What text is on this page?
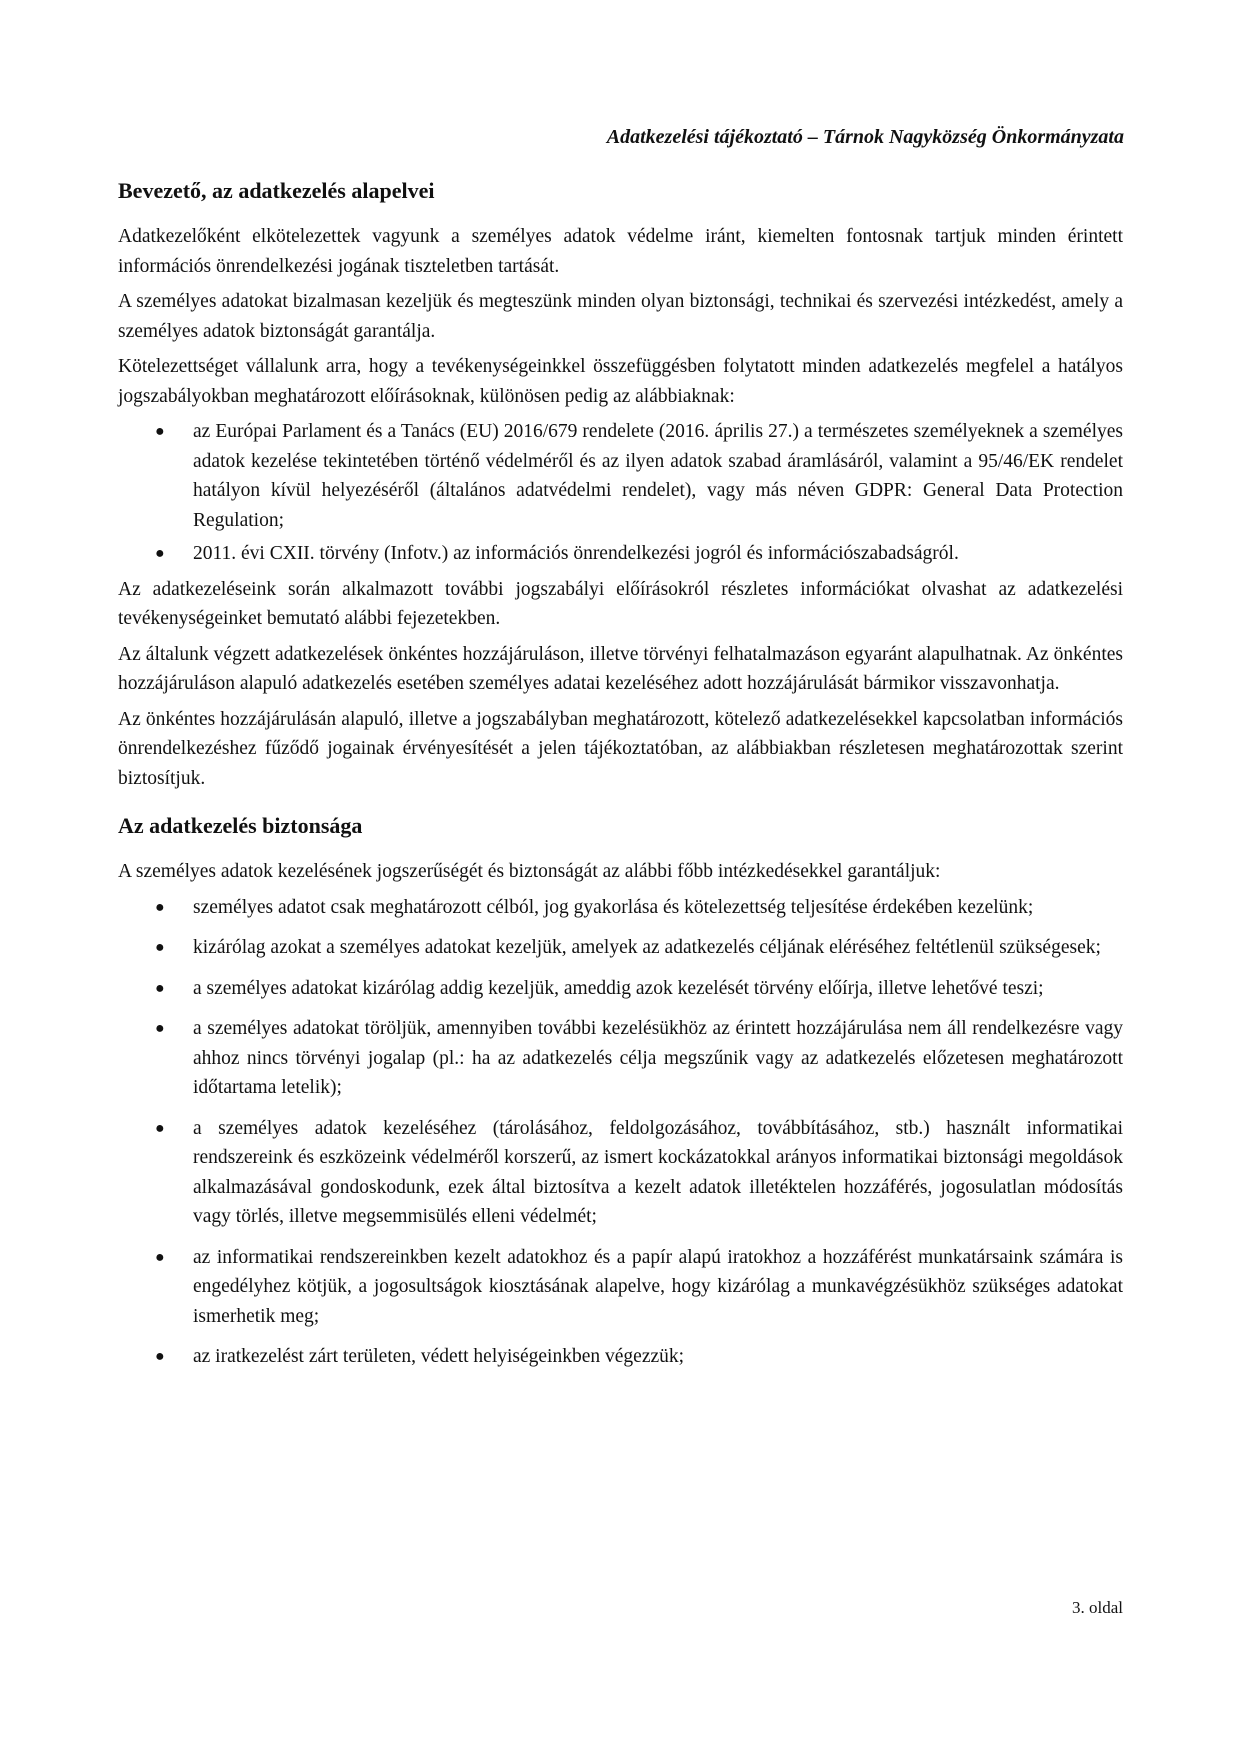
Adatkezelési tájékoztató – Tárnok Nagyközség Önkormányzata
Bevezető, az adatkezelés alapelvei

Adatkezelőként elkötelezettek vagyunk a személyes adatok védelme iránt, kiemelten fontosnak tartjuk minden érintett információs önrendelkezési jogának tiszteletben tartását.

A személyes adatokat bizalmasan kezeljük és megteszünk minden olyan biztonsági, technikai és szervezési intézkedést, amely a személyes adatok biztonságát garantálja.

Kötelezettséget vállalunk arra, hogy a tevékenységeinkkel összefüggésben folytatott minden adatkezelés megfelel a hatályos jogszabályokban meghatározott előírásoknak, különösen pedig az alábbiaknak:

● az Európai Parlament és a Tanács (EU) 2016/679 rendelete (2016. április 27.) a természetes személyeknek a személyes adatok kezelése tekintetében történő védelméről és az ilyen adatok szabad áramlásáról, valamint a 95/46/EK rendelet hatályon kívül helyezéséről (általános adatvédelmi rendelet), vagy más néven GDPR: General Data Protection Regulation;
● 2011. évi CXII. törvény (Infotv.) az információs önrendelkezési jogról és információszabadságról.

Az adatkezeléseink során alkalmazott további jogszabályi előírásokról részletes információkat olvashat az adatkezelési tevékenységeinket bemutató alábbi fejezetekben.

Az általunk végzett adatkezelések önkéntes hozzájáruláson, illetve törvényi felhatalmazáson egyaránt alapulhatnak. Az önkéntes hozzájáruláson alapuló adatkezelés esetében személyes adatai kezeléséhez adott hozzájárulását bármikor visszavonhatja.

Az önkéntes hozzájárulásán alapuló, illetve a jogszabályban meghatározott, kötelező adatkezelésekkel kapcsolatban információs önrendelkezéshez fűződő jogainak érvényesítését a jelen tájékoztatóban, az alábbiakban részletesen meghatározottak szerint biztosítjuk.

Az adatkezelés biztonsága

A személyes adatok kezelésének jogszerűségét és biztonságát az alábbi főbb intézkedésekkel garantáljuk:

● személyes adatot csak meghatározott célból, jog gyakorlása és kötelezettség teljesítése érdekében kezelünk;
● kizárólag azokat a személyes adatokat kezeljük, amelyek az adatkezelés céljának eléréséhez feltétlenül szükségesek;
● a személyes adatokat kizárólag addig kezeljük, ameddig azok kezelését törvény előírja, illetve lehetővé teszi;
● a személyes adatokat töröljük, amennyiben további kezelésükhöz az érintett hozzájárulása nem áll rendelkezésre vagy ahhoz nincs törvényi jogalap (pl.: ha az adatkezelés célja megszűnik vagy az adatkezelés előzetesen meghatározott időtartama letelik);
● a személyes adatok kezeléséhez (tárolásához, feldolgozásához, továbbításához, stb.) használt informatikai rendszereink és eszközeink védelméről korszerű, az ismert kockázatokkal arányos informatikai biztonsági megoldások alkalmazásával gondoskodunk, ezek által biztosítva a kezelt adatok illetéktelen hozzáférés, jogosulatlan módosítás vagy törlés, illetve megsemmisülés elleni védelmét;
● az informatikai rendszereinkben kezelt adatokhoz és a papír alapú iratokhoz a hozzáférést munkatársaink számára is engedélyhez kötjük, a jogosultságok kiosztásának alapelve, hogy kizárólag a munkavégzésükhöz szükséges adatokat ismerhetik meg;
● az iratkezelést zárt területen, védett helyiségeinkben végezzük;
3. oldal
